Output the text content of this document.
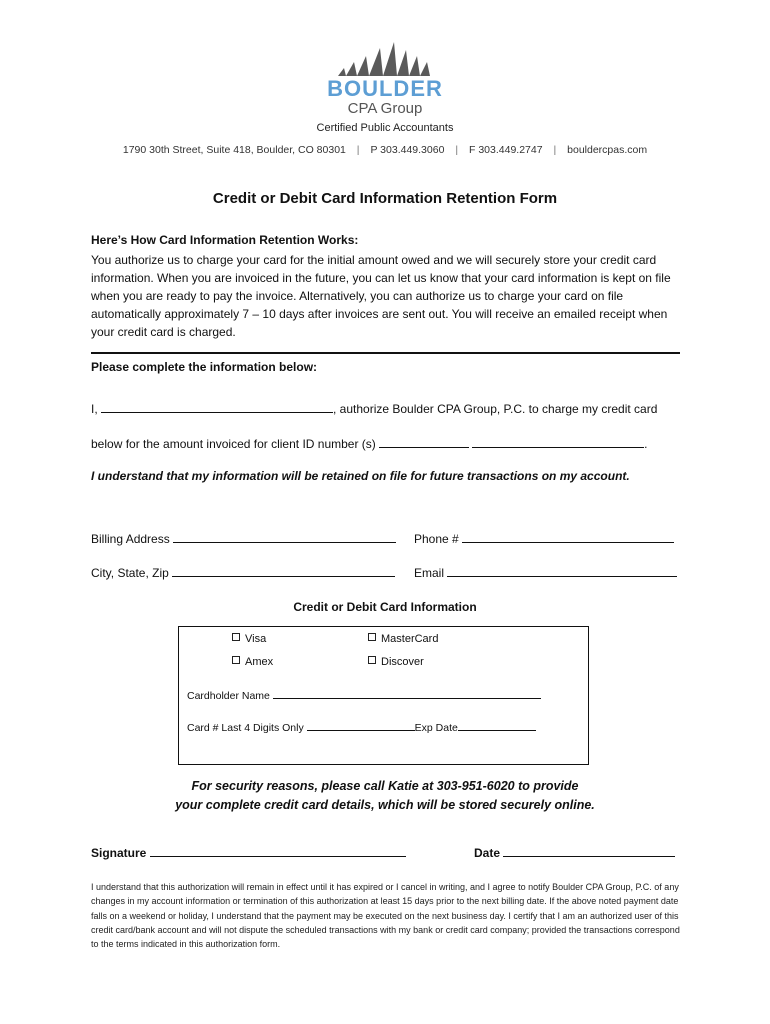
BOULDER
CPA Group
Certified Public Accountants
1790 30th Street, Suite 418, Boulder, CO 80301 | P 303.449.3060 | F 303.449.2747 | bouldercpas.com
Credit or Debit Card Information Retention Form
Here’s How Card Information Retention Works:
You authorize us to charge your card for the initial amount owed and we will securely store your credit card information. When you are invoiced in the future, you can let us know that your card information is kept on file when you are ready to pay the invoice. Alternatively, you can authorize us to charge your card on file automatically approximately 7 – 10 days after invoices are sent out. You will receive an emailed receipt when your credit card is charged.
Please complete the information below:
I,	, authorize Boulder CPA Group, P.C. to charge my credit card
below for the amount invoiced for client ID number (s)	.
I understand that my information will be retained on file for future transactions on my account.
Billing Address	Phone #
City, State, Zip	Email
Credit or Debit Card Information
Visa	MasterCard
Amex	Discover
Cardholder Name
Card # Last 4 Digits Only	Exp Date
For security reasons, please call Katie at 303-951-6020 to provide
your complete credit card details, which will be stored securely online.
Signature	Date
I understand that this authorization will remain in effect until it has expired or I cancel in writing, and I agree to notify Boulder CPA Group, P.C. of any changes in my account information or termination of this authorization at least 15 days prior to the next billing date. If the above noted payment date falls on a weekend or holiday, I understand that the payment may be executed on the next business day. I certify that I am an authorized user of this credit card/bank account and will not dispute the scheduled transactions with my bank or credit card company; provided the transactions correspond to the terms indicated in this authorization form.
